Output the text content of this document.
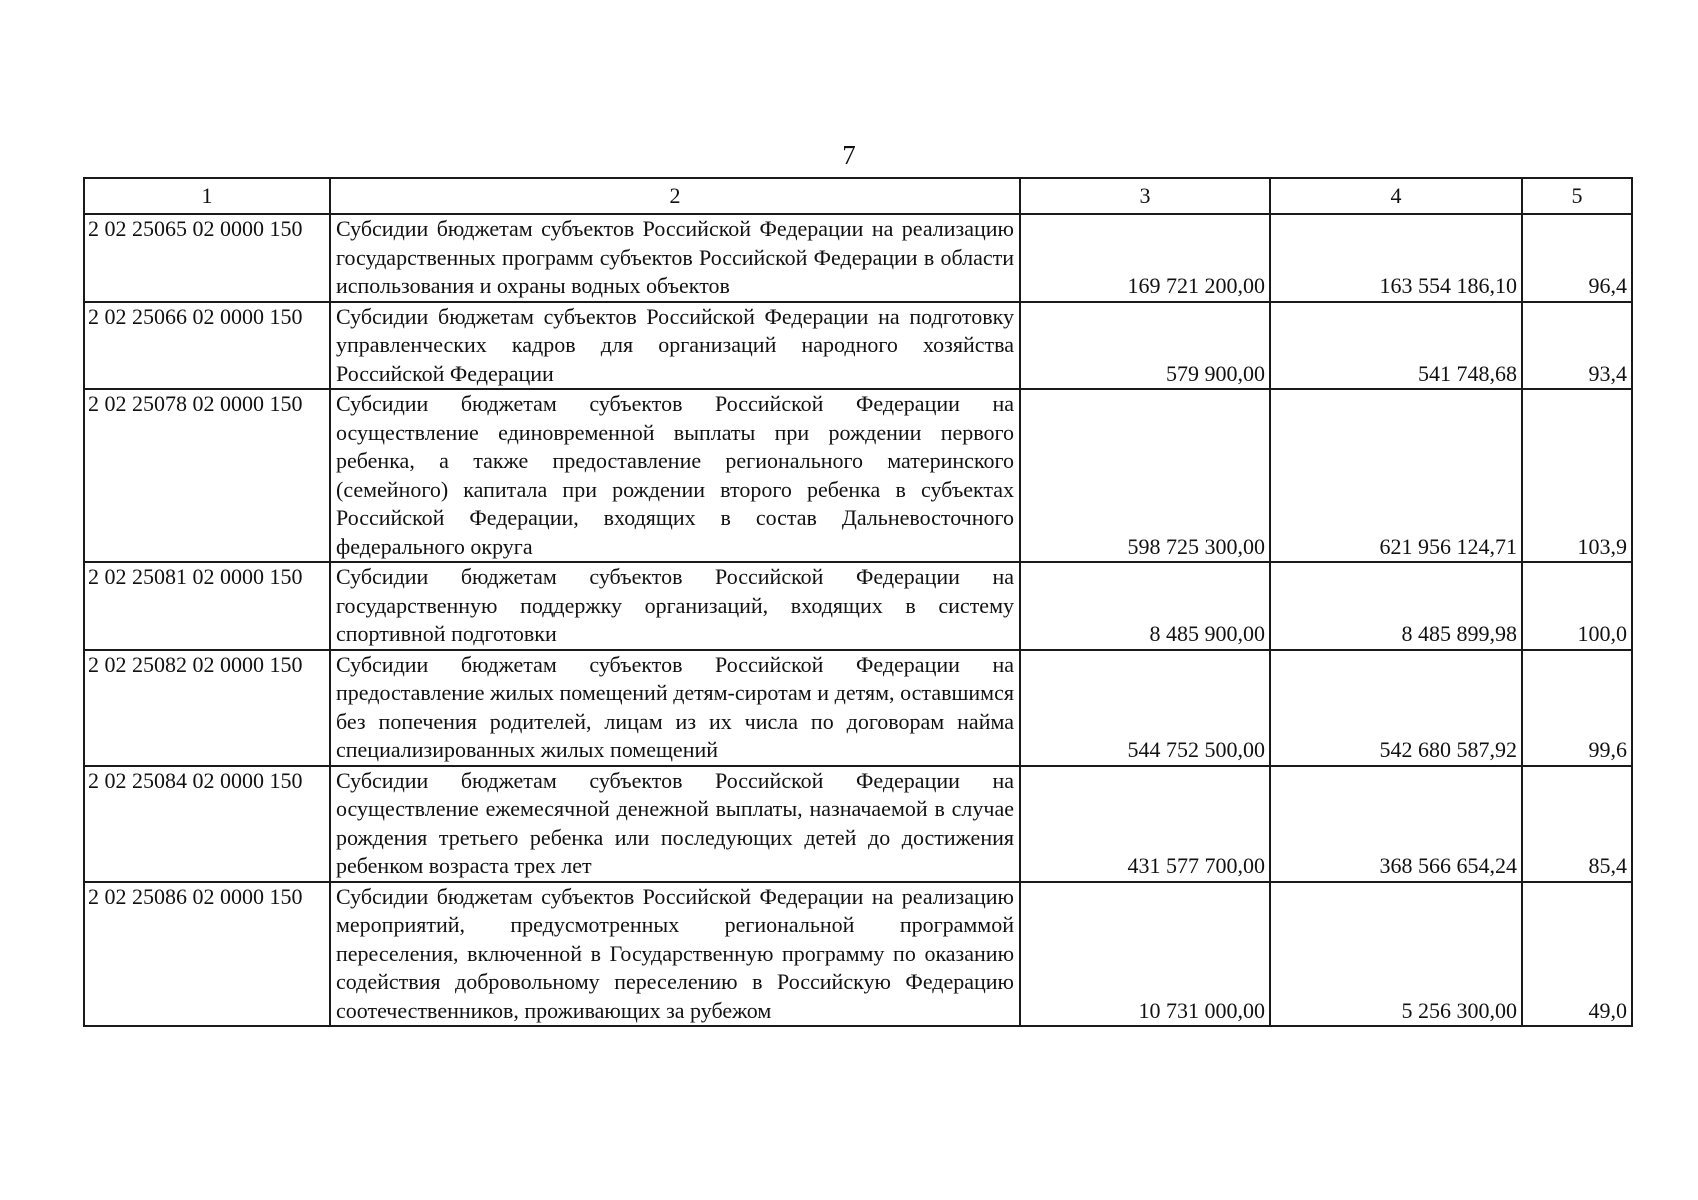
7
1	2	3	4	5
2 02 25065 02 0000 150	Субсидии бюджетам субъектов Российской Федерации на реализацию государственных программ субъектов Российской Федерации в области использования и охраны водных объектов	169 721 200,00	163 554 186,10	96,4
2 02 25066 02 0000 150	Субсидии бюджетам субъектов Российской Федерации на подготовку управленческих кадров для организаций народного хозяйства Российской Федерации	579 900,00	541 748,68	93,4
2 02 25078 02 0000 150	Субсидии бюджетам субъектов Российской Федерации на осуществление единовременной выплаты при рождении первого ребенка, а также предоставление регионального материнского (семейного) капитала при рождении второго ребенка в субъектах Российской Федерации, входящих в состав Дальневосточного федерального округа	598 725 300,00	621 956 124,71	103,9
2 02 25081 02 0000 150	Субсидии бюджетам субъектов Российской Федерации на государственную поддержку организаций, входящих в систему спортивной подготовки	8 485 900,00	8 485 899,98	100,0
2 02 25082 02 0000 150	Субсидии бюджетам субъектов Российской Федерации на предоставление жилых помещений детям-сиротам и детям, оставшимся без попечения родителей, лицам из их числа по договорам найма специализированных жилых помещений	544 752 500,00	542 680 587,92	99,6
2 02 25084 02 0000 150	Субсидии бюджетам субъектов Российской Федерации на осуществление ежемесячной денежной выплаты, назначаемой в случае рождения третьего ребенка или последующих детей до достижения ребенком возраста трех лет	431 577 700,00	368 566 654,24	85,4
2 02 25086 02 0000 150	Субсидии бюджетам субъектов Российской Федерации на реализацию мероприятий, предусмотренных региональной программой переселения, включенной в Государственную программу по оказанию содействия добровольному переселению в Российскую Федерацию соотечественников, проживающих за рубежом	10 731 000,00	5 256 300,00	49,0
